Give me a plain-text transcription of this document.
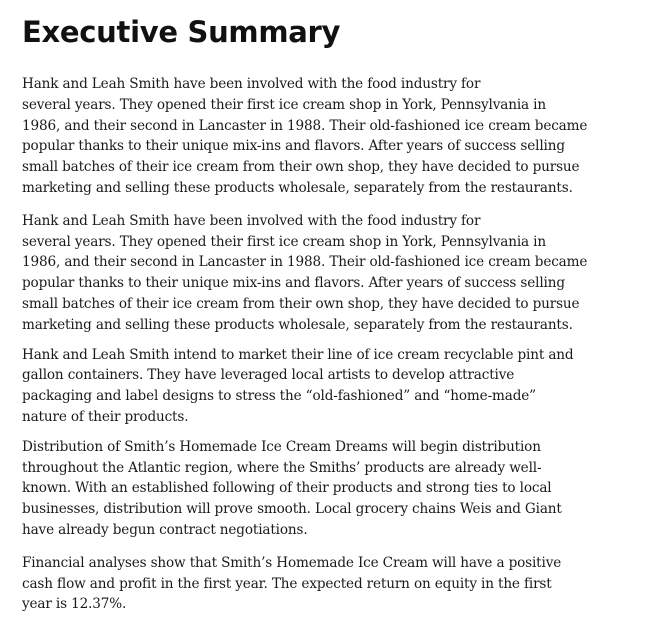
Executive Summary

Hank and Leah Smith have been involved with the food industry for
several years. They opened their first ice cream shop in York, Pennsylvania in
1986, and their second in Lancaster in 1988. Their old-fashioned ice cream became
popular thanks to their unique mix-ins and flavors. After years of success selling
small batches of their ice cream from their own shop, they have decided to pursue
marketing and selling these products wholesale, separately from the restaurants.

Hank and Leah Smith have been involved with the food industry for
several years. They opened their first ice cream shop in York, Pennsylvania in
1986, and their second in Lancaster in 1988. Their old-fashioned ice cream became
popular thanks to their unique mix-ins and flavors. After years of success selling
small batches of their ice cream from their own shop, they have decided to pursue
marketing and selling these products wholesale, separately from the restaurants.

Hank and Leah Smith intend to market their line of ice cream recyclable pint and
gallon containers. They have leveraged local artists to develop attractive
packaging and label designs to stress the “old-fashioned” and “home-made”
nature of their products.

Distribution of Smith’s Homemade Ice Cream Dreams will begin distribution
throughout the Atlantic region, where the Smiths’ products are already well-
known. With an established following of their products and strong ties to local
businesses, distribution will prove smooth. Local grocery chains Weis and Giant
have already begun contract negotiations.

Financial analyses show that Smith’s Homemade Ice Cream will have a positive
cash flow and profit in the first year. The expected return on equity in the first
year is 12.37%.
